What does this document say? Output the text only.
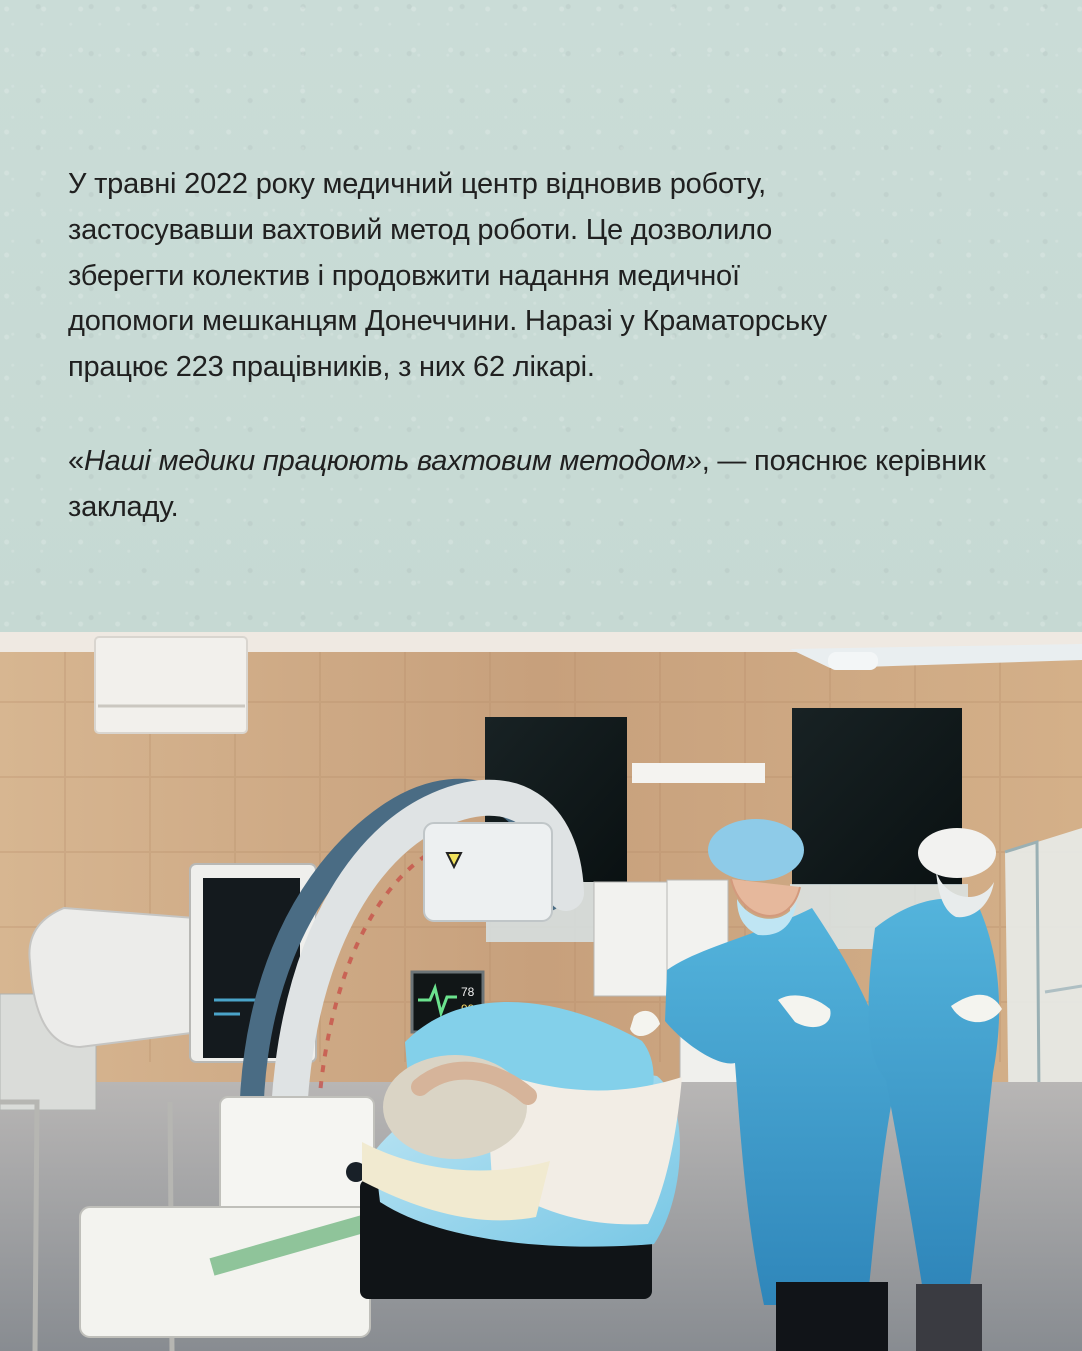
У травні 2022 року медичний центр відновив роботу,
застосувавши вахтовий метод роботи. Це дозволило
зберегти колектив і продовжити надання медичної
допомоги мешканцям Донеччини. Наразі у Краматорську
працює 223 працівників, з них 62 лікарі.

«Наші медики працюють вахтовим методом», — пояснює керівник закладу.

78
